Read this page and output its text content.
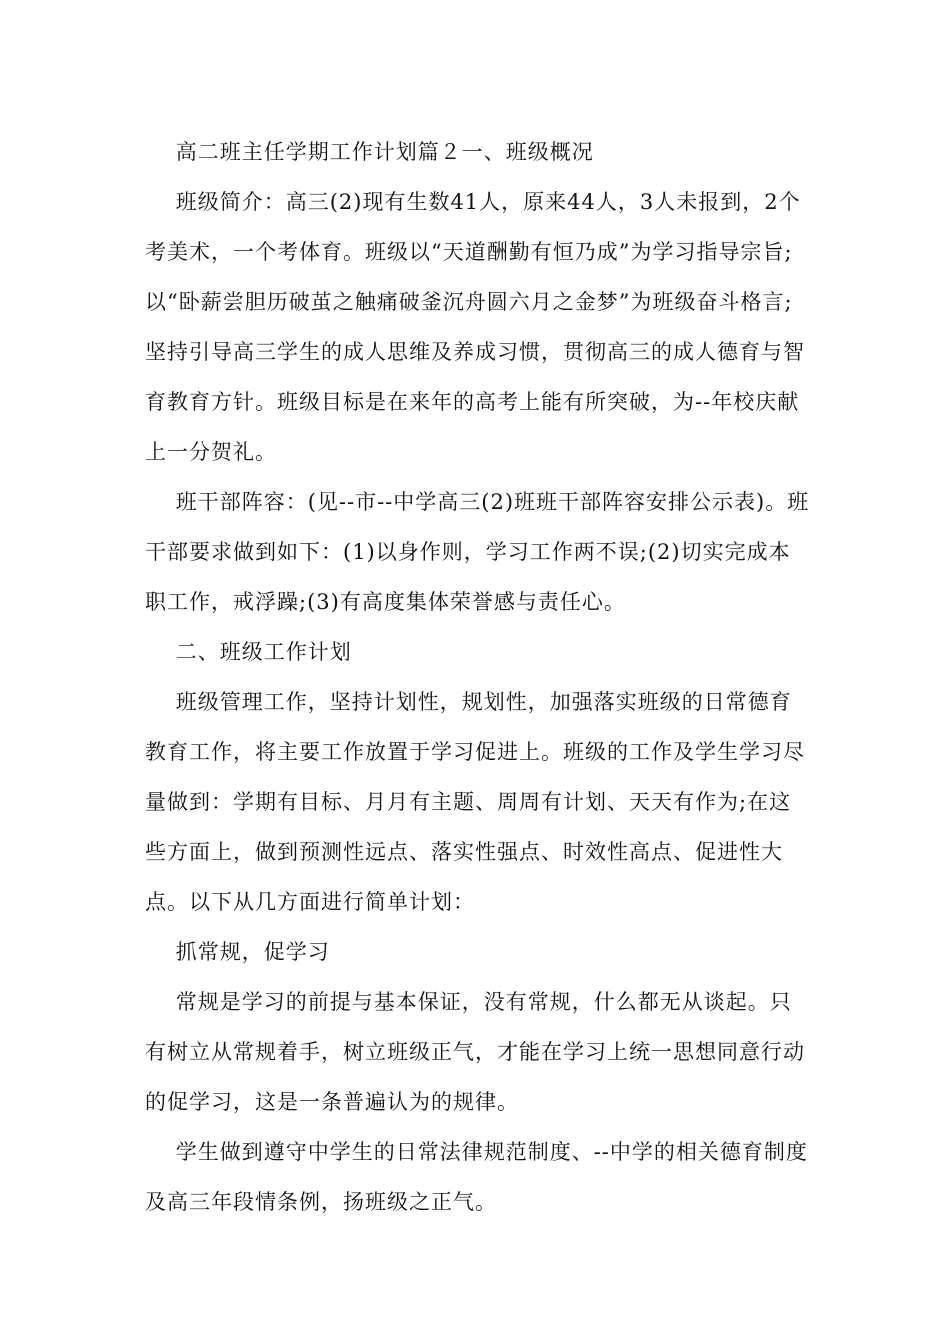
高二班主任学期工作计划篇２一、班级概况

班级简介：高三(2)现有生数41人，原来44人，3人未报到，2个考美术，一个考体育。班级以“天道酬勤有恒乃成”为学习指导宗旨;以“卧薪尝胆历破茧之触痛破釜沉舟圆六月之金梦”为班级奋斗格言;坚持引导高三学生的成人思维及养成习惯，贯彻高三的成人德育与智育教育方针。班级目标是在来年的高考上能有所突破，为--年校庆献上一分贺礼。

班干部阵容：(见--市--中学高三(2)班班干部阵容安排公示表)。班干部要求做到如下：(1)以身作则，学习工作两不误;(2)切实完成本职工作，戒浮躁;(3)有高度集体荣誉感与责任心。

二、班级工作计划

班级管理工作，坚持计划性，规划性，加强落实班级的日常德育教育工作，将主要工作放置于学习促进上。班级的工作及学生学习尽量做到：学期有目标、月月有主题、周周有计划、天天有作为;在这些方面上，做到预测性远点、落实性强点、时效性高点、促进性大点。以下从几方面进行简单计划：

抓常规，促学习

常规是学习的前提与基本保证，没有常规，什么都无从谈起。只有树立从常规着手，树立班级正气，才能在学习上统一思想同意行动的促学习，这是一条普遍认为的规律。

学生做到遵守中学生的日常法律规范制度、--中学的相关德育制度及高三年段情条例，扬班级之正气。
